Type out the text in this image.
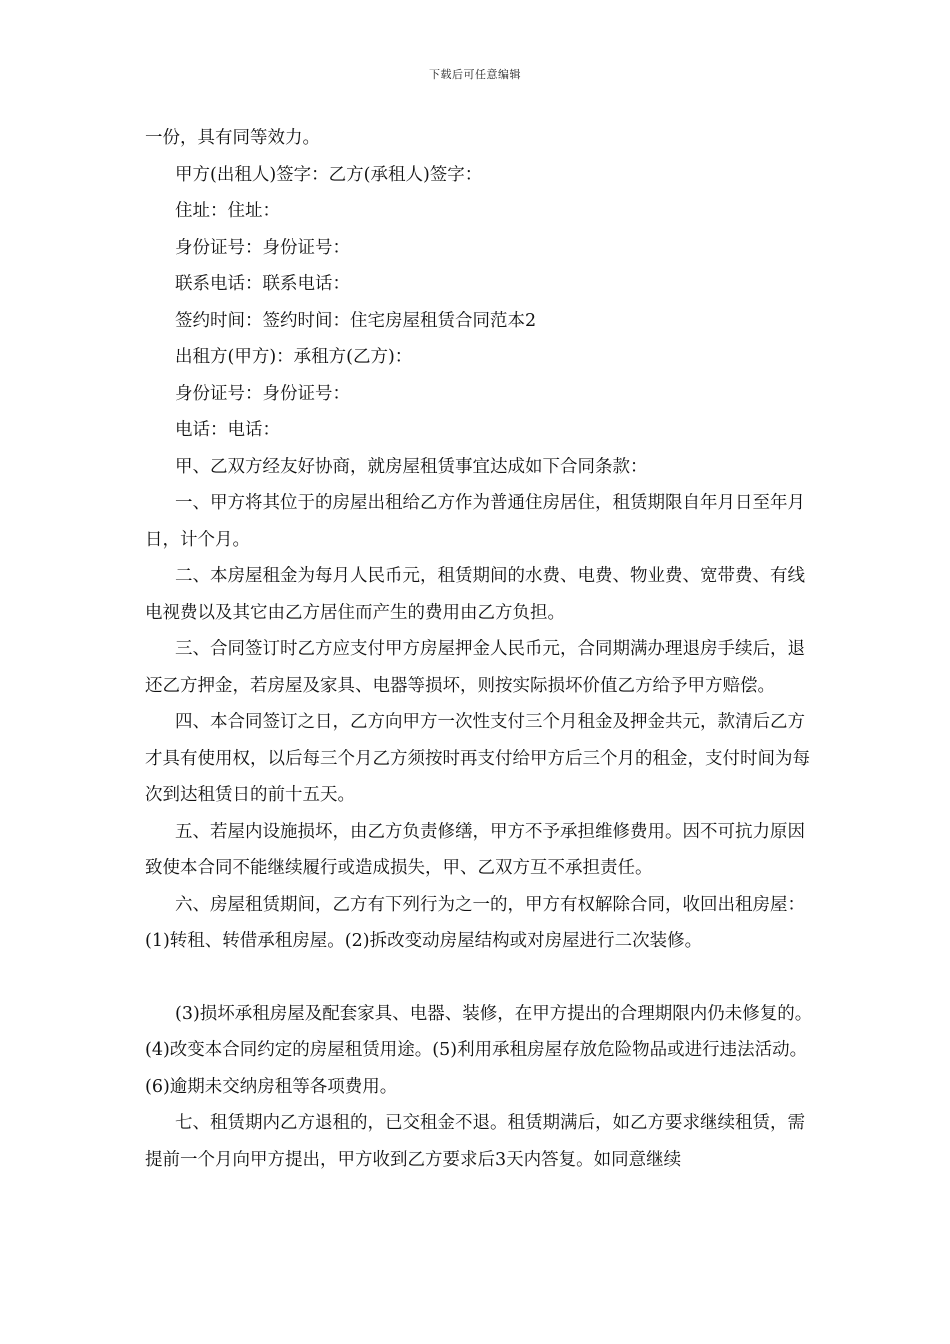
下载后可任意编辑

一份，具有同等效力。

甲方(出租人)签字：乙方(承租人)签字：

住址：住址：

身份证号：身份证号：

联系电话：联系电话：

签约时间：签约时间：住宅房屋租赁合同范本2

出租方(甲方)：承租方(乙方)：

身份证号：身份证号：

电话：电话：

甲、乙双方经友好协商，就房屋租赁事宜达成如下合同条款：

一、甲方将其位于的房屋出租给乙方作为普通住房居住，租赁期限自年月日至年月日，计个月。

二、本房屋租金为每月人民币元，租赁期间的水费、电费、物业费、宽带费、有线电视费以及其它由乙方居住而产生的费用由乙方负担。

三、合同签订时乙方应支付甲方房屋押金人民币元，合同期满办理退房手续后，退还乙方押金，若房屋及家具、电器等损坏，则按实际损坏价值乙方给予甲方赔偿。

四、本合同签订之日，乙方向甲方一次性支付三个月租金及押金共元，款清后乙方才具有使用权，以后每三个月乙方须按时再支付给甲方后三个月的租金，支付时间为每次到达租赁日的前十五天。

五、若屋内设施损坏，由乙方负责修缮，甲方不予承担维修费用。因不可抗力原因致使本合同不能继续履行或造成损失，甲、乙双方互不承担责任。

六、房屋租赁期间，乙方有下列行为之一的，甲方有权解除合同，收回出租房屋：(1)转租、转借承租房屋。(2)拆改变动房屋结构或对房屋进行二次装修。

(3)损坏承租房屋及配套家具、电器、装修，在甲方提出的合理期限内仍未修复的。(4)改变本合同约定的房屋租赁用途。(5)利用承租房屋存放危险物品或进行违法活动。(6)逾期未交纳房租等各项费用。

七、租赁期内乙方退租的，已交租金不退。租赁期满后，如乙方要求继续租赁，需提前一个月向甲方提出，甲方收到乙方要求后3天内答复。如同意继续
